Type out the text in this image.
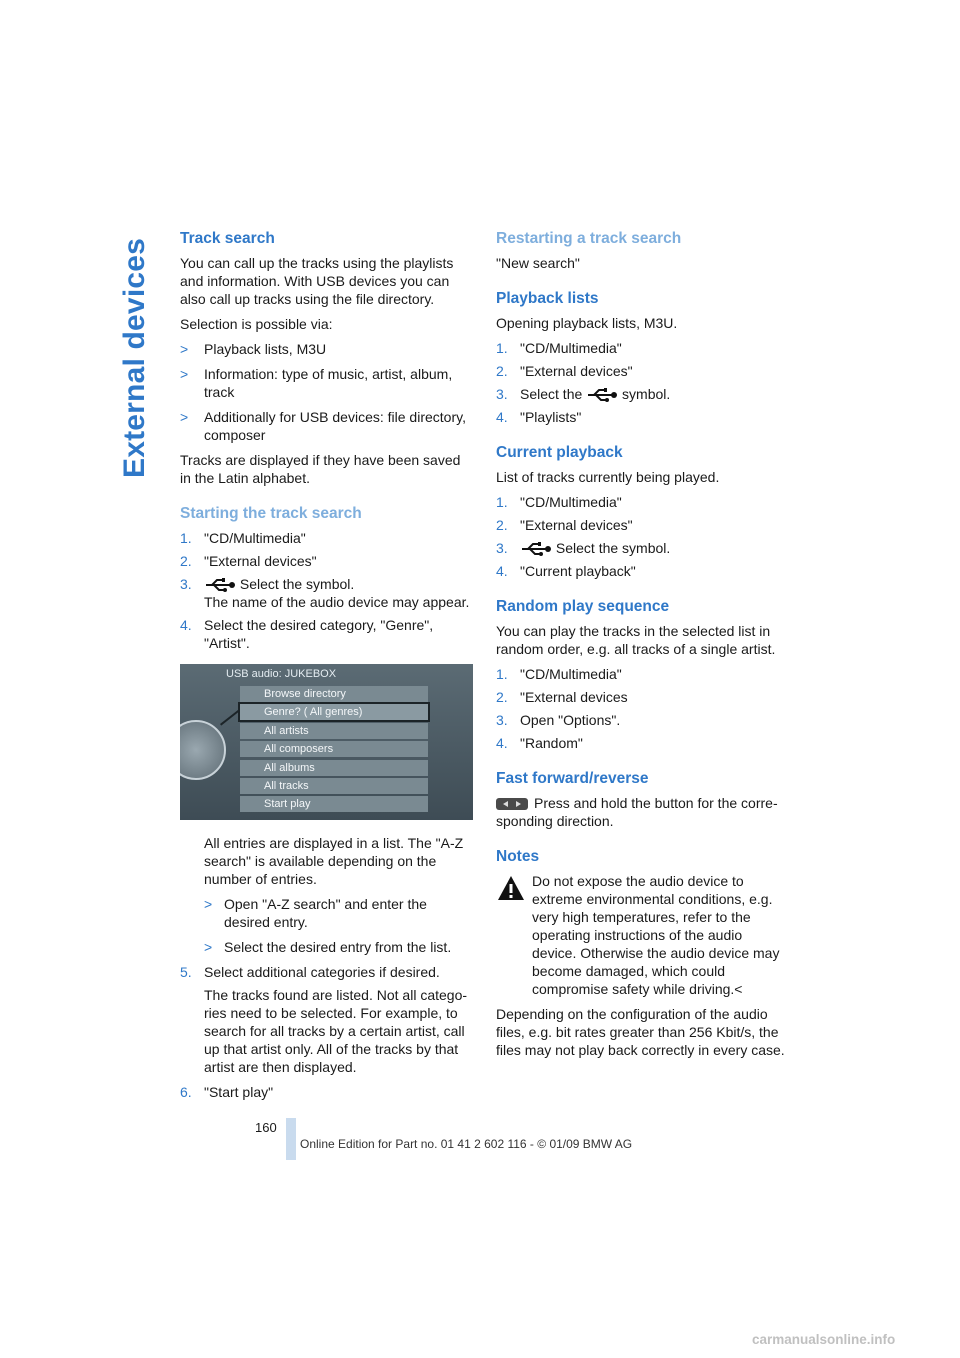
External devices Track search

You can call up the tracks using the playlists and information. With USB devices you can also call up tracks using the file directory.

Selection is possible via:

>	Playback lists, M3U
>	Information: type of music, artist, album, track
>	Additionally for USB devices: file directory, composer

Tracks are displayed if they have been saved in the Latin alphabet.

Starting the track search
1. "CD/Multimedia"
2. "External devices"
3.	Select the symbol.
The name of the audio device may appear.
4. Select the desired category, "Genre", "Artist".
USB audio: JUKEBOX
Browse directory
Genre? ( All genres)
All artists
All composers
All albums
All tracks
Start play

All entries are displayed in a list. The "A-Z search" is available depending on the number of entries.

> Open "A-Z search" and enter the desired entry.
> Select the desired entry from the list.
5. Select additional categories if desired.

The tracks found are listed. Not all categories need to be selected. For example, to search for all tracks by a certain artist, call up that artist only. All of the tracks by that artist are then displayed.

6. "Start play"
Restarting a track search

"New search"

Playback lists

Opening playback lists, M3U.

1. "CD/Multimedia"
2. "External devices"
3. Select the	symbol.
4. "Playlists"
Current playback

List of tracks currently being played.

1. "CD/Multimedia"
2. "External devices"
3.	Select the symbol.
4. "Current playback"
Random play sequence

You can play the tracks in the selected list in random order, e.g. all tracks of a single artist.

1. "CD/Multimedia"
2. "External devices
3. Open "Options".
4. "Random"
Fast forward/reverse

Press and hold the button for the corresponding direction.

Notes

Do not expose the audio device to extreme environmental conditions, e.g. very high temperatures, refer to the operating instructions of the audio device. Otherwise the audio device may become damaged, which could compromise safety while driving.<

Depending on the configuration of the audio files, e.g. bit rates greater than 256 Kbit/s, the files may not play back correctly in every case.

160
Online Edition for Part no. 01 41 2 602 116 - © 01/09 BMW AG
carmanualsonline.info
